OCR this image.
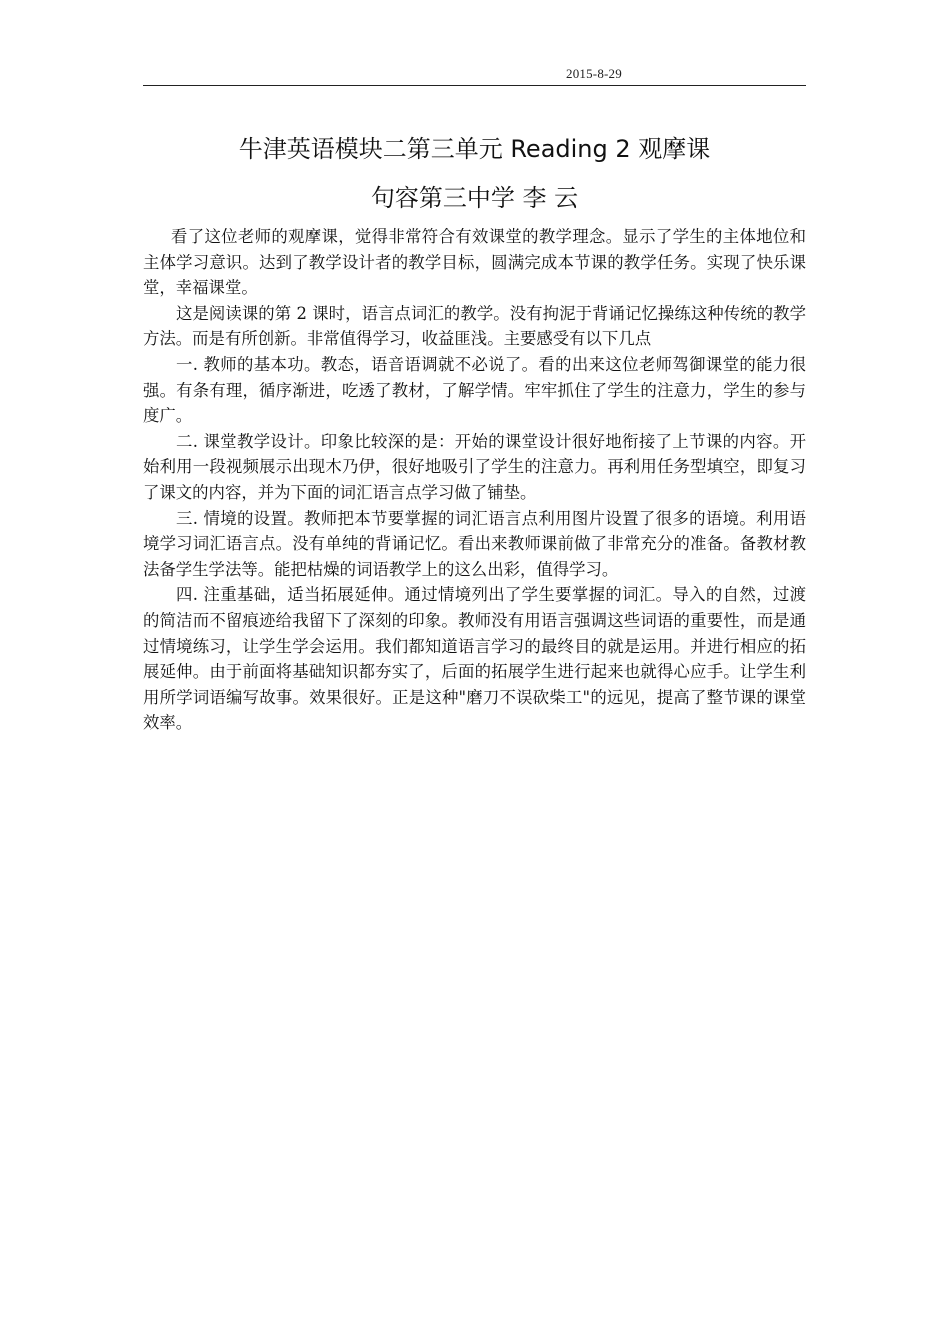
2015-8-29
牛津英语模块二第三单元 Reading 2 观摩课
句容第三中学 李 云

看了这位老师的观摩课，觉得非常符合有效课堂的教学理念。显示了学生的主体地位和主体学习意识。达到了教学设计者的教学目标，圆满完成本节课的教学任务。实现了快乐课堂，幸福课堂。

这是阅读课的第 2 课时，语言点词汇的教学。没有拘泥于背诵记忆操练这种传统的教学方法。而是有所创新。非常值得学习，收益匪浅。主要感受有以下几点

一. 教师的基本功。教态，语音语调就不必说了。看的出来这位老师驾御课堂的能力很强。有条有理，循序渐进，吃透了教材，了解学情。牢牢抓住了学生的注意力，学生的参与度广。

二. 课堂教学设计。印象比较深的是：开始的课堂设计很好地衔接了上节课的内容。开始利用一段视频展示出现木乃伊，很好地吸引了学生的注意力。再利用任务型填空，即复习了课文的内容，并为下面的词汇语言点学习做了铺垫。

三. 情境的设置。教师把本节要掌握的词汇语言点利用图片设置了很多的语境。利用语境学习词汇语言点。没有单纯的背诵记忆。看出来教师课前做了非常充分的准备。备教材教法备学生学法等。能把枯燥的词语教学上的这么出彩，值得学习。

四. 注重基础，适当拓展延伸。通过情境列出了学生要掌握的词汇。导入的自然，过渡的简洁而不留痕迹给我留下了深刻的印象。教师没有用语言强调这些词语的重要性，而是通过情境练习，让学生学会运用。我们都知道语言学习的最终目的就是运用。并进行相应的拓展延伸。由于前面将基础知识都夯实了，后面的拓展学生进行起来也就得心应手。让学生利用所学词语编写故事。效果很好。正是这种"磨刀不误砍柴工"的远见，提高了整节课的课堂效率。
